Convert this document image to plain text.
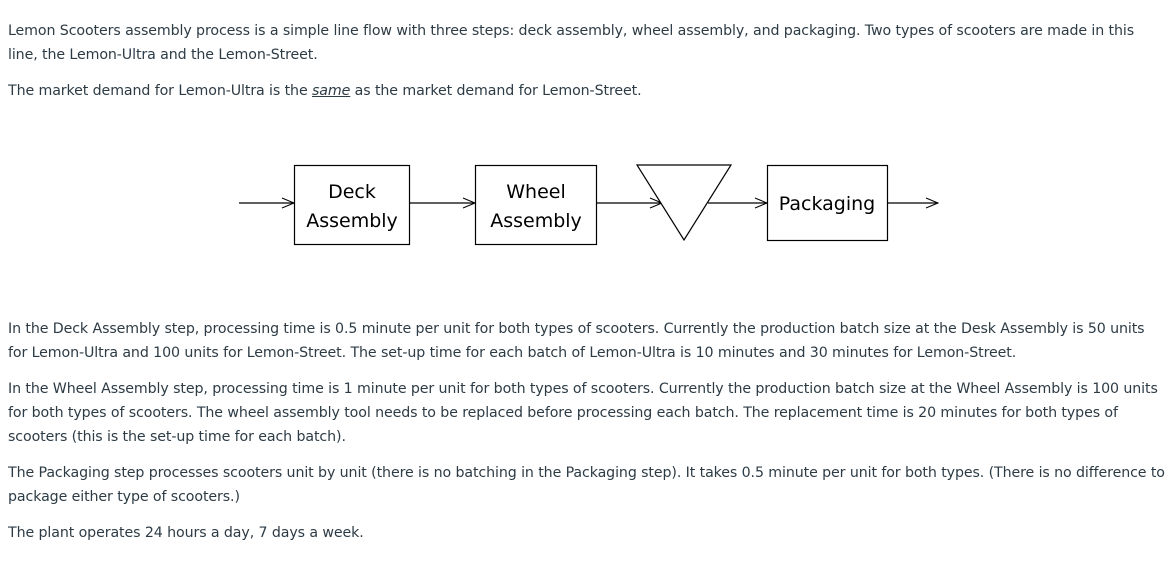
Lemon Scooters assembly process is a simple line flow with three steps: deck assembly, wheel assembly, and packaging. Two types of scooters are made in this line, the Lemon-Ultra and the Lemon-Street.

The market demand for Lemon-Ultra is the same as the market demand for Lemon-Street.

Deck
Assembly
Wheel
Assembly
Packaging

In the Deck Assembly step, processing time is 0.5 minute per unit for both types of scooters. Currently the production batch size at the Desk Assembly is 50 units for Lemon-Ultra and 100 units for Lemon-Street. The set-up time for each batch of Lemon-Ultra is 10 minutes and 30 minutes for Lemon-Street.

In the Wheel Assembly step, processing time is 1 minute per unit for both types of scooters. Currently the production batch size at the Wheel Assembly is 100 units for both types of scooters. The wheel assembly tool needs to be replaced before processing each batch. The replacement time is 20 minutes for both types of scooters (this is the set-up time for each batch).

The Packaging step processes scooters unit by unit (there is no batching in the Packaging step). It takes 0.5 minute per unit for both types. (There is no difference to package either type of scooters.)

The plant operates 24 hours a day, 7 days a week.
